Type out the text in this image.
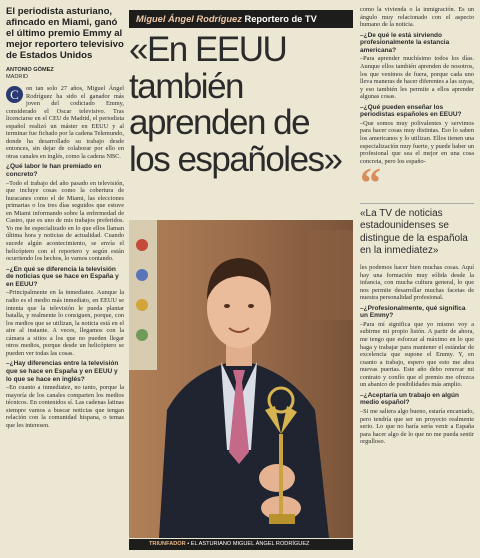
El periodista asturiano, afincado en Miami, ganó el último premio Emmy al mejor reportero televisivo de Estados Unidos

ANTONIO GÓMEZ
MADRID

C	on tan solo 27 años, Miguel Ángel Rodríguez ha sido el ganador más joven del codiciado Emmy, considerado el Oscar televisivo. Tras licenciarse en el CEU de Madrid, el periodista español realizó un máster en EEUU y al terminar fue fichado por la cadena Telemundo, donde ha desarrollado su trabajo desde entonces, sin dejar de colaborar por ello en otras canales en inglés, como la cadena NBC.

¿Qué labor le han premiado en concreto?

–Todo el trabajo del año pasado en televisión, que incluye cosas como la cobertura de huracanes como el de Miami, las elecciones primarias o los tres días seguidos que estuve en Miami informando sobre la enfermedad de Castro, que es uno de mis trabajos preferidos. Yo me he especializado en lo que ellos llaman última hora y noticias de actualidad. Cuando sucede algún acontecimiento, se envía el helicóptero con el reportero y según están ocurriendo los hechos, lo vamos contando.

–¿En qué se diferencia la televisión de noticias que se hace en España y en EEUU?

–Principalmente en la inmediatez. Aunque la radio es el medio más inmediato, en EEUU se intenta que la televisión le pueda plantar batalla, y realmente lo consiguen, porque, con los medios que se utilizan, la noticia está en el aire al instante. A veces, llegamos con la cámara a sitios a los que no pueden llegar otros medios, porque desde un helicóptero se pueden ver todas las cosas.

–¿Hay diferencias entre la televisión que se hace en España y en EEUU y lo que se hace en inglés?

–En cuanto a inmediatez, no tanto, porque la mayoría de los canales comparten los medios técnicos. En contenidos sí. Las cadenas latinas siempre vamos a buscar noticias que tengan relación con la comunidad hispana, o temas que les interesen.

Miguel Ángel Rodríguez Reportero de TV
«En EEUU también aprenden de los españoles»
TRIUNFADOR • EL ASTURIANO MIGUEL ÁNGEL RODRÍGUEZ

como la vivienda o la inmigración. Es un ángulo muy relacionado con el aspecto humano de la noticia.

–¿De qué le está sirviendo profesionalmente la estancia americana?

–Para aprender muchísimo todos los días. Aunque ellos también aprenden de nosotros, los que venimos de fuera, porque cada uno lleva maneras de hacer diferentes a las suyas, y eso también les permite a ellos aprender algunas cosas.

–¿Qué pueden enseñar los periodistas españoles en EEUU?

–Que somos muy polivalentes y servimos para hacer cosas muy distintas. Eso lo saben los americanos y lo utilizan. Ellos tienen una especialización muy fuerte, y puede haber un profesional que sea el mejor en una cosa concreta, pero los españo-

“

«La TV de noticias estadounidenses se distingue de la española en la inmediatez»

les podemos hacer bien muchas cosas. Aquí hay una formación muy sólida desde la infancia, con mucha cultura general, lo que nos permite desarrollar muchas facetas de nuestra personalidad profesional.

–¿Profesionalmente, qué significa un Emmy?

–Para mí significa que yo mismo voy a subirme mi propio listón. A partir de ahora, me tengo que esforzar al máximo en lo que haga y trabajar para mantener el estándar de excelencia que supone el Emmy. Y, en cuanto a trabajo, espero que esto me abra nuevas puertas. Este año debo renovar mi contrato y confío que el premio me ofrezca un abanico de posibilidades más amplio.

–¿Aceptaría un trabajo en algún medio español?

–Si me saliera algo bueno, estaría encantado, pero tendría que ser un proyecto realmente serio. Lo que no haría sería venir a España para hacer algo de lo que no me pueda sentir orgulloso.
